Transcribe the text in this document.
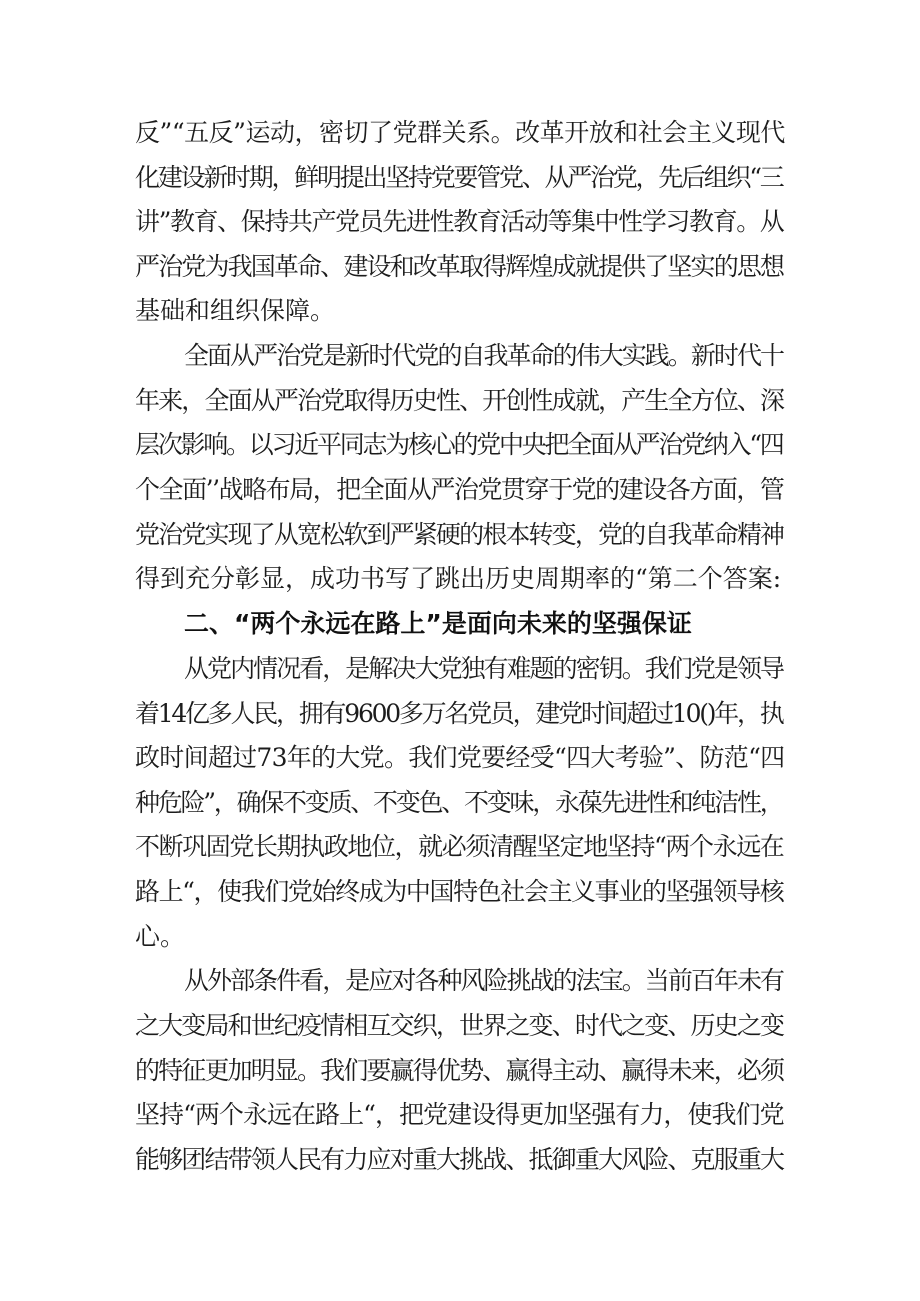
反”“五反”运动，密切了党群关系。改革开放和社会主义现代
化建设新时期，鲜明提出坚持党要管党、从严治党，先后组织“三
讲”教育、保持共产党员先进性教育活动等集中性学习教育。从
严治党为我国革命、建设和改革取得辉煌成就提供了坚实的思想
基础和组织保障。
全面从严治党是新时代党的自我革命的伟大实践。新时代十
年来，全面从严治党取得历史性、开创性成就，产生全方位、深
层次影响。以习近平同志为核心的党中央把全面从严治党纳入“四
个全面’’战略布局，把全面从严治党贯穿于党的建设各方面，管
党治党实现了从宽松软到严紧硬的根本转变，党的自我革命精神
得到充分彰显，成功书写了跳出历史周期率的“第二个答案:
二、“两个永远在路上”是面向未来的坚强保证
从党内情况看，是解决大党独有难题的密钥。我们党是领导
着14亿多人民，拥有9600多万名党员，建党时间超过10()年，执
政时间超过73年的大党。我们党要经受“四大考验”、防范“四
种危险”，确保不变质、不变色、不变味，永葆先进性和纯洁性，
不断巩固党长期执政地位，就必须清醒坚定地坚持“两个永远在
路上“，使我们党始终成为中国特色社会主义事业的坚强领导核
心。
从外部条件看，是应对各种风险挑战的法宝。当前百年未有
之大变局和世纪疫情相互交织，世界之变、时代之变、历史之变
的特征更加明显。我们要赢得优势、赢得主动、赢得未来，必须
坚持“两个永远在路上“，把党建设得更加坚强有力，使我们党
能够团结带领人民有力应对重大挑战、抵御重大风险、克服重大
